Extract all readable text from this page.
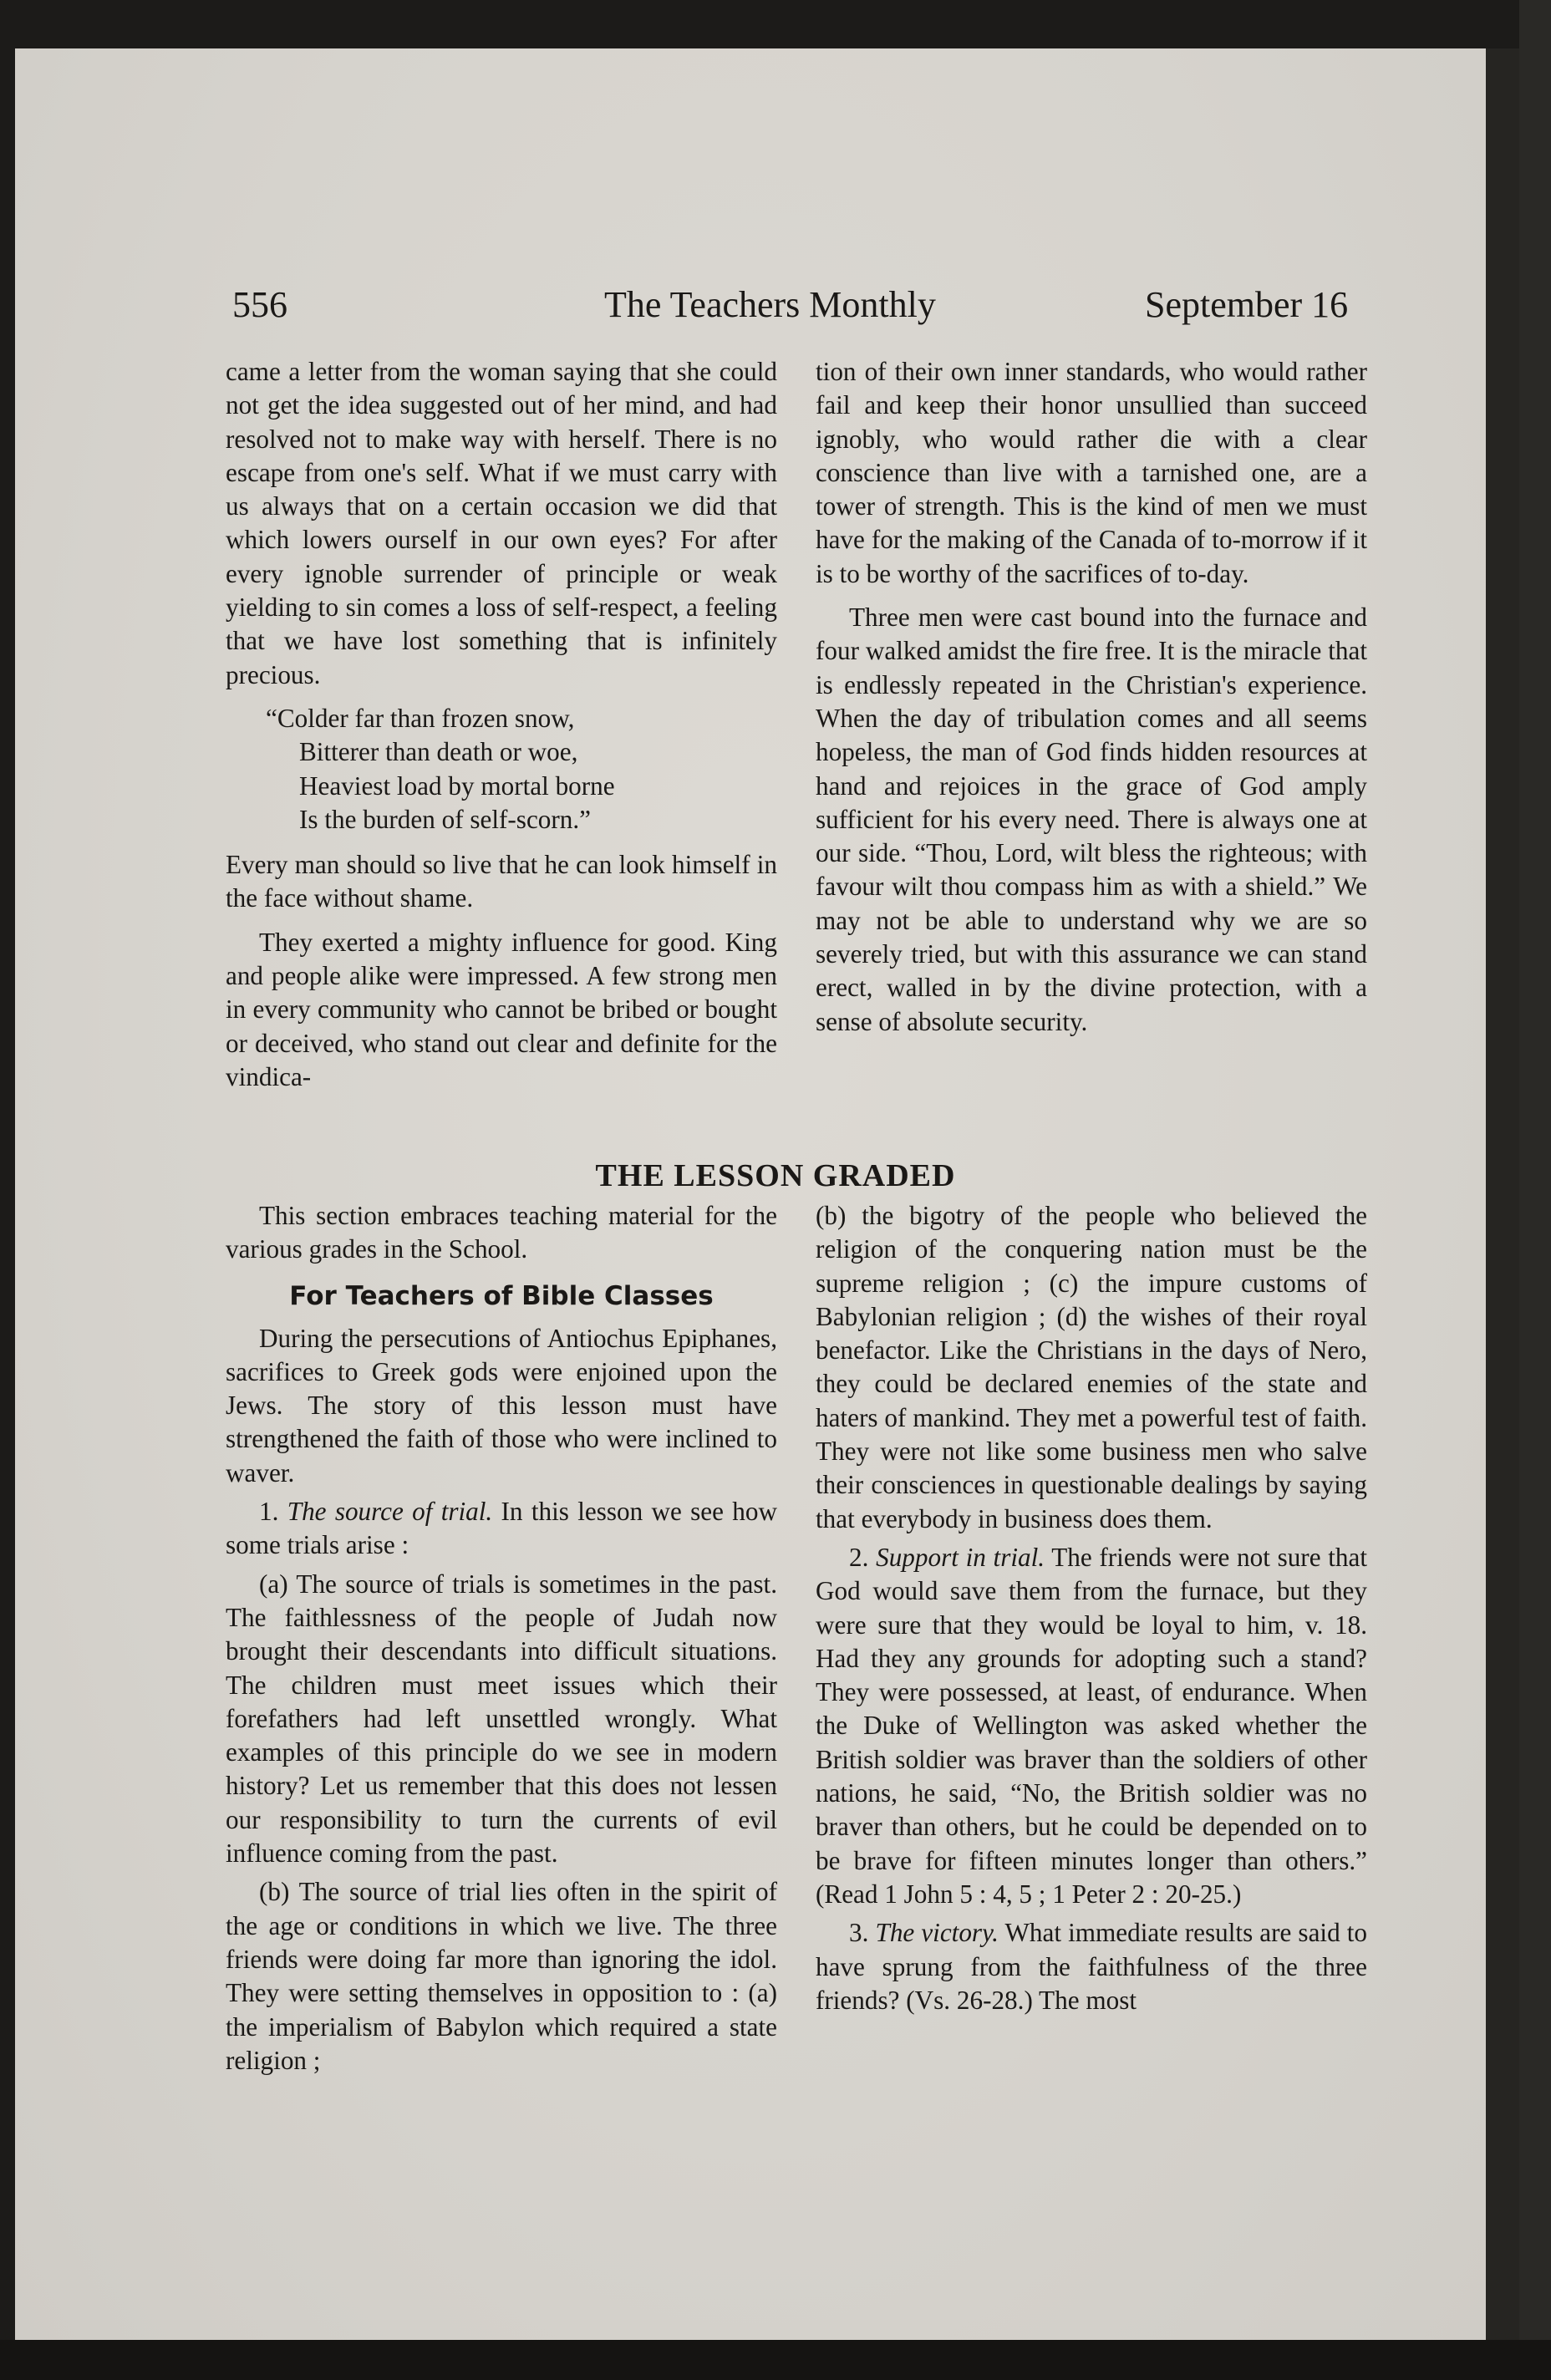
556	The Teachers Monthly	September 16

came a letter from the woman saying that she could not get the idea suggested out of her mind, and had resolved not to make way with herself. There is no escape from one's self. What if we must carry with us always that on a certain occasion we did that which lowers ourself in our own eyes? For after every ignoble surrender of principle or weak yielding to sin comes a loss of self-respect, a feeling that we have lost something that is infinitely precious.

“Colder far than frozen snow,
Bitterer than death or woe,
Heaviest load by mortal borne
Is the burden of self-scorn.”

Every man should so live that he can look himself in the face without shame.

They exerted a mighty influence for good. King and people alike were impressed. A few strong men in every community who cannot be bribed or bought or deceived, who stand out clear and definite for the vindica-

tion of their own inner standards, who would rather fail and keep their honor unsullied than succeed ignobly, who would rather die with a clear conscience than live with a tarnished one, are a tower of strength. This is the kind of men we must have for the making of the Canada of to-morrow if it is to be worthy of the sacrifices of to-day.

Three men were cast bound into the furnace and four walked amidst the fire free. It is the miracle that is endlessly repeated in the Christian's experience. When the day of tribulation comes and all seems hopeless, the man of God finds hidden resources at hand and rejoices in the grace of God amply sufficient for his every need. There is always one at our side. “Thou, Lord, wilt bless the righteous; with favour wilt thou compass him as with a shield.” We may not be able to understand why we are so severely tried, but with this assurance we can stand erect, walled in by the divine protection, with a sense of absolute security.

THE LESSON GRADED

This section embraces teaching material for the various grades in the School.

For Teachers of Bible Classes

During the persecutions of Antiochus Epiphanes, sacrifices to Greek gods were enjoined upon the Jews. The story of this lesson must have strengthened the faith of those who were inclined to waver.

1. The source of trial. In this lesson we see how some trials arise :

(a) The source of trials is sometimes in the past. The faithlessness of the people of Judah now brought their descendants into difficult situations. The children must meet issues which their forefathers had left unsettled wrongly. What examples of this principle do we see in modern history? Let us remember that this does not lessen our responsibility to turn the currents of evil influence coming from the past.

(b) The source of trial lies often in the spirit of the age or conditions in which we live. The three friends were doing far more than ignoring the idol. They were setting themselves in opposition to : (a) the imperialism of Babylon which required a state religion ;

(b) the bigotry of the people who believed the religion of the conquering nation must be the supreme religion ; (c) the impure customs of Babylonian religion ; (d) the wishes of their royal benefactor. Like the Christians in the days of Nero, they could be declared enemies of the state and haters of mankind. They met a powerful test of faith. They were not like some business men who salve their consciences in questionable dealings by saying that everybody in business does them.

2. Support in trial. The friends were not sure that God would save them from the furnace, but they were sure that they would be loyal to him, v. 18. Had they any grounds for adopting such a stand? They were possessed, at least, of endurance. When the Duke of Wellington was asked whether the British soldier was braver than the soldiers of other nations, he said, “No, the British soldier was no braver than others, but he could be depended on to be brave for fifteen minutes longer than others.” (Read 1 John 5 : 4, 5 ; 1 Peter 2 : 20-25.)

3. The victory. What immediate results are said to have sprung from the faithfulness of the three friends? (Vs. 26-28.) The most
